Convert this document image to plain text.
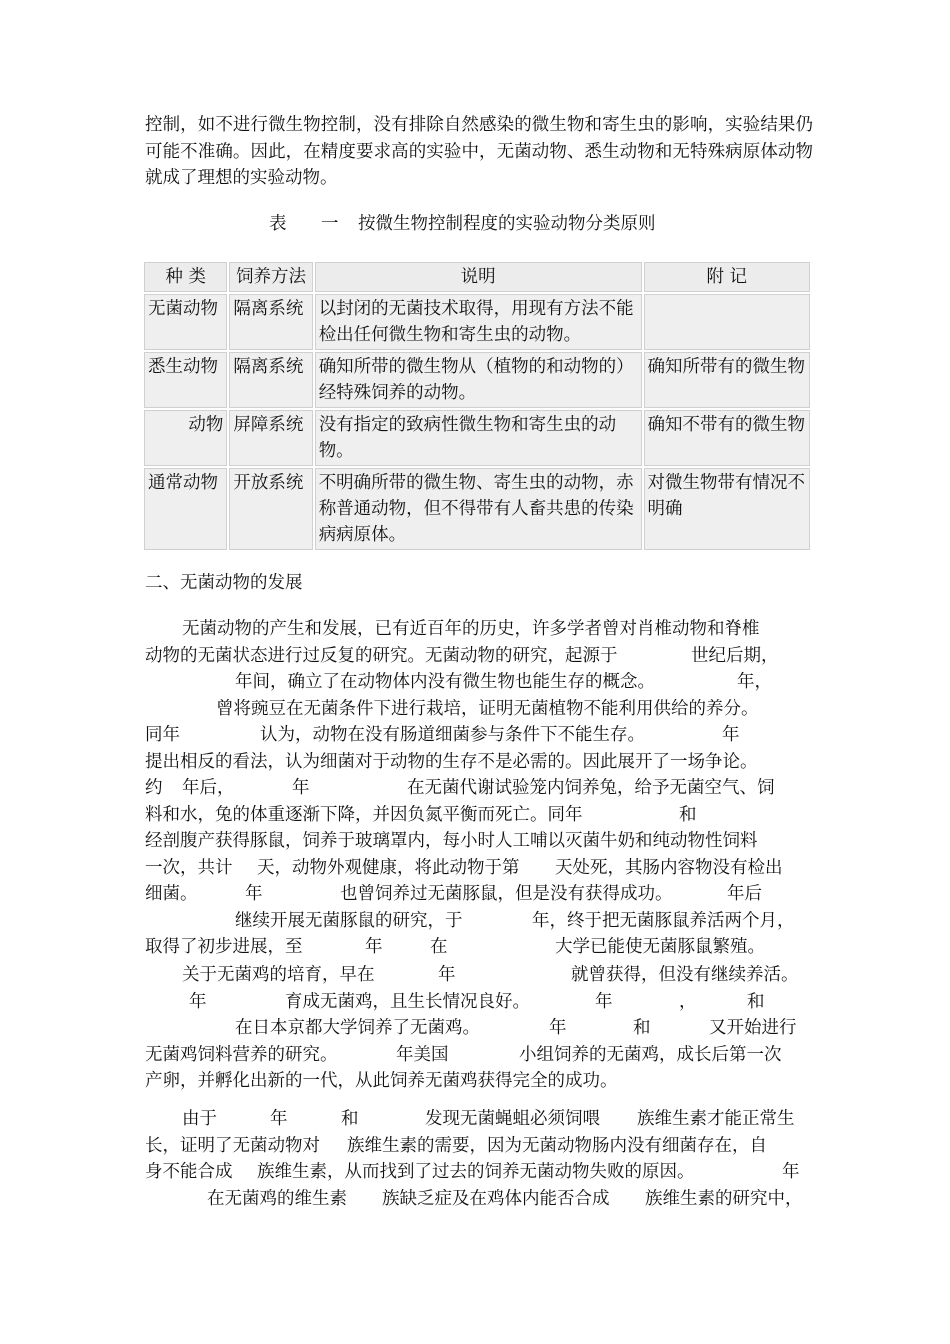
控制，如不进行微生物控制，没有排除自然感染的微生物和寄生虫的影响，实验结果仍可能不准确。因此，在精度要求高的实验中，无菌动物、悉生动物和无特殊病原体动物就成了理想的实验动物。

表 一 按微生物控制程度的实验动物分类原则
种 类	饲养方法	说明	附 记
无菌动物	隔离系统	以封闭的无菌技术取得，用现有方法不能检出任何微生物和寄生虫的动物。	
悉生动物	隔离系统	确知所带的微生物从（植物的和动物的）经特殊饲养的动物。	确知所带有的微生物
动物	屏障系统	没有指定的致病性微生物和寄生虫的动物。	确知不带有的微生物
通常动物	开放系统	不明确所带的微生物、寄生虫的动物，赤称普通动物，但不得带有人畜共患的传染病病原体。	对微生物带有情况不明确
二、无菌动物的发展
无菌动物的产生和发展，已有近百年的历史，许多学者曾对肖椎动物和脊椎
动物的无菌状态进行过反复的研究。无菌动物的研究，起源于	世纪后期，
年间，确立了在动物体内没有微生物也能生存的概念。	年，
曾将豌豆在无菌条件下进行栽培，证明无菌植物不能利用供给的养分。
同年	认为，动物在没有肠道细菌参与条件下不能生存。	年
提出相反的看法，认为细菌对于动物的生存不是必需的。因此展开了一场争论。
约 年后，	年	在无菌代谢试验笼内饲养兔，给予无菌空气、饲
料和水，兔的体重逐渐下降，并因负氮平衡而死亡。同年	和
经剖腹产获得豚鼠，饲养于玻璃罩内，每小时人工哺以灭菌牛奶和纯动物性饲料
一次，共计 天，动物外观健康，将此动物于第 天处死，其肠内容物没有检出
细菌。	年	也曾饲养过无菌豚鼠，但是没有获得成功。	年后
继续开展无菌豚鼠的研究，于	年，终于把无菌豚鼠养活两个月，
取得了初步进展，至	年	在	大学已能使无菌豚鼠繁殖。
关于无菌鸡的培育，早在	年	就曾获得，但没有继续养活。
年	育成无菌鸡，且生长情况良好。	年	，	和
在日本京都大学饲养了无菌鸡。	年	和	又开始进行
无菌鸡饲料营养的研究。	年美国	小组饲养的无菌鸡，成长后第一次
产卵，并孵化出新的一代，从此饲养无菌鸡获得完全的成功。
由于	年	和	发现无菌蝇蛆必须饲喂 族维生素才能正常生
长，证明了无菌动物对 族维生素的需要，因为无菌动物肠内没有细菌存在，自
身不能合成 族维生素，从而找到了过去的饲养无菌动物失败的原因。	年
在无菌鸡的维生素 族缺乏症及在鸡体内能否合成 族维生素的研究中，
